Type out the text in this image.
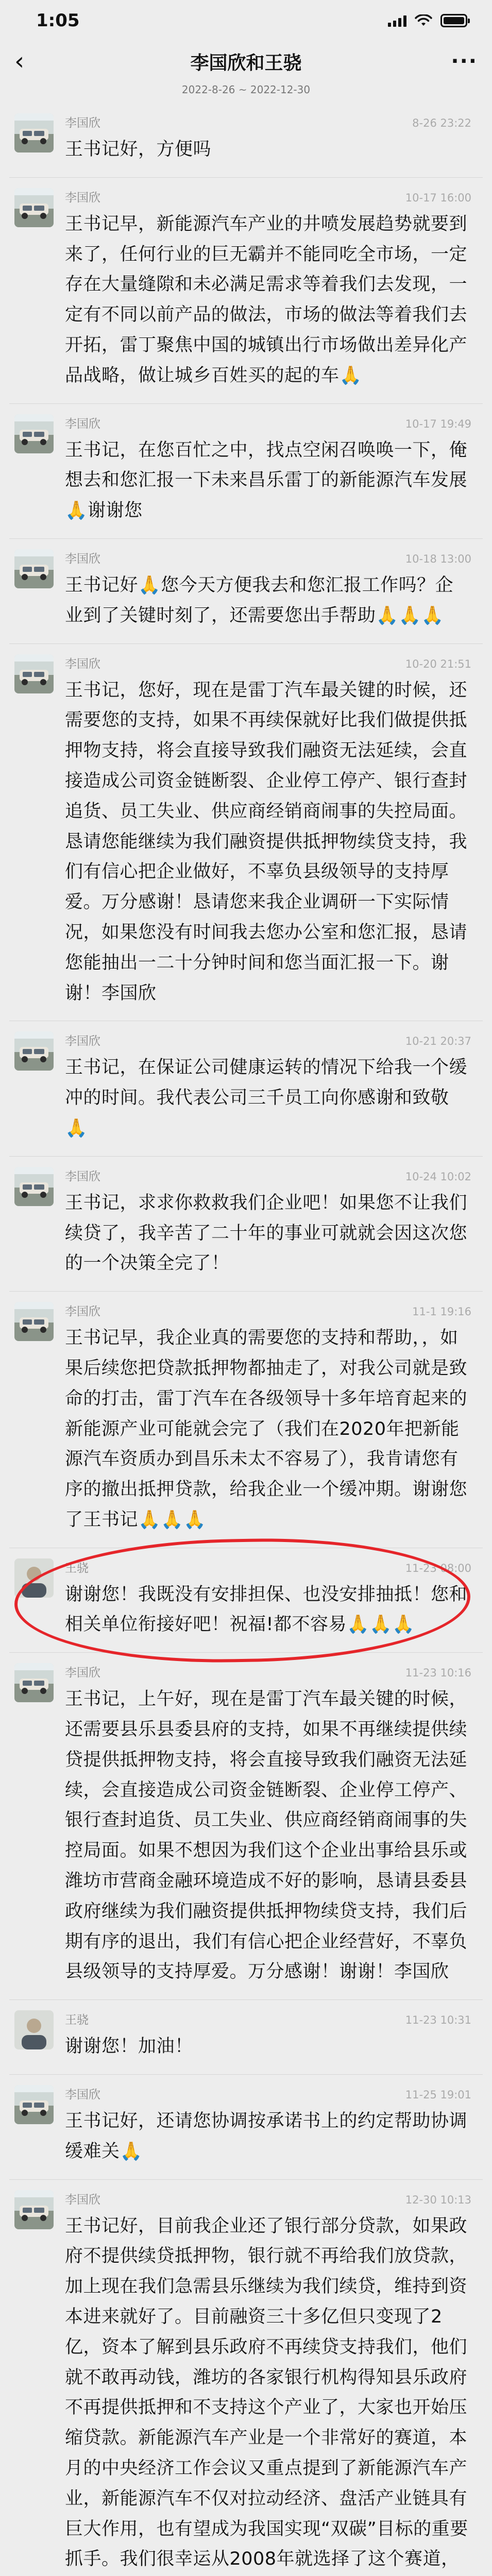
1:05
‹	李国欣和王骁	···
2022-8-26 ~ 2022-12-30
李国欣	8-26 23:22
王书记好，方便吗
李国欣	10-17 16:00
王书记早，新能源汽车产业的井喷发展趋势就要到来了，任何行业的巨无霸并不能同吃全市场，一定存在大量缝隙和未必满足需求等着我们去发现，一定有不同以前产品的做法，市场的做法等着我们去开拓，雷丁聚焦中国的城镇出行市场做出差异化产品战略，做让城乡百姓买的起的车🙏
李国欣	10-17 19:49
王书记，在您百忙之中，找点空闲召唤唤一下，俺想去和您汇报一下未来昌乐雷丁的新能源汽车发展🙏谢谢您
李国欣	10-18 13:00
王书记好🙏您今天方便我去和您汇报工作吗？企业到了关键时刻了，还需要您出手帮助🙏🙏🙏
李国欣	10-20 21:51
王书记，您好，现在是雷丁汽车最关键的时候，还需要您的支持，如果不再续保就好比我们做提供抵押物支持，将会直接导致我们融资无法延续，会直接造成公司资金链断裂、企业停工停产、银行查封追货、员工失业、供应商经销商闹事的失控局面。恳请您能继续为我们融资提供抵押物续贷支持，我们有信心把企业做好，不辜负县级领导的支持厚爱。万分感谢！恳请您来我企业调研一下实际情况，如果您没有时间我去您办公室和您汇报，恳请您能抽出一二十分钟时间和您当面汇报一下。谢谢！李国欣
李国欣	10-21 20:37
王书记，在保证公司健康运转的情况下给我一个缓冲的时间。我代表公司三千员工向你感谢和致敬🙏
李国欣	10-24 10:02
王书记，求求你救救我们企业吧！如果您不让我们续贷了，我辛苦了二十年的事业可就就会因这次您的一个决策全完了！
李国欣	11-1 19:16
王书记早，我企业真的需要您的支持和帮助，，如果后续您把贷款抵押物都抽走了，对我公司就是致命的打击，雷丁汽车在各级领导十多年培育起来的新能源产业可能就会完了（我们在2020年把新能源汽车资质办到昌乐未太不容易了），我肯请您有序的撤出抵押贷款，给我企业一个缓冲期。谢谢您了王书记🙏🙏🙏
王骁	11-23 08:00
谢谢您！我既没有安排担保、也没安排抽抵！您和相关单位衔接好吧！祝福!都不容易🙏🙏🙏
李国欣	11-23 10:16
王书记，上午好，现在是雷丁汽车最关键的时候，还需要县乐县委县府的支持，如果不再继续提供续贷提供抵押物支持，将会直接导致我们融资无法延续，会直接造成公司资金链断裂、企业停工停产、银行查封追货、员工失业、供应商经销商闹事的失控局面。如果不想因为我们这个企业出事给县乐或潍坊市营商金融环境造成不好的影响，恳请县委县政府继续为我们融资提供抵押物续贷支持，我们后期有序的退出，我们有信心把企业经营好，不辜负县级领导的支持厚爱。万分感谢！谢谢！李国欣
王骁	11-23 10:31
谢谢您！加油！
李国欣	11-25 19:01
王书记好，还请您协调按承诺书上的约定帮助协调缓难关🙏
李国欣	12-30 10:13
王书记好，目前我企业还了银行部分贷款，如果政府不提供续贷抵押物，银行就不再给我们放贷款，加上现在我们急需县乐继续为我们续贷，维持到资本进来就好了。目前融资三十多亿但只变现了2亿，资本了解到县乐政府不再续贷支持我们，他们就不敢再动钱，潍坊的各家银行机构得知县乐政府不再提供抵押和不支持这个产业了，大家也开始压缩贷款。新能源汽车产业是一个非常好的赛道，本月的中央经济工作会议又重点提到了新能源汽车产业，新能源汽车不仅对拉动经济、盘活产业链具有巨大作用，也有望成为我国实现“双碳”目标的重要抓手。我们很幸运从2008年就选择了这个赛道，
